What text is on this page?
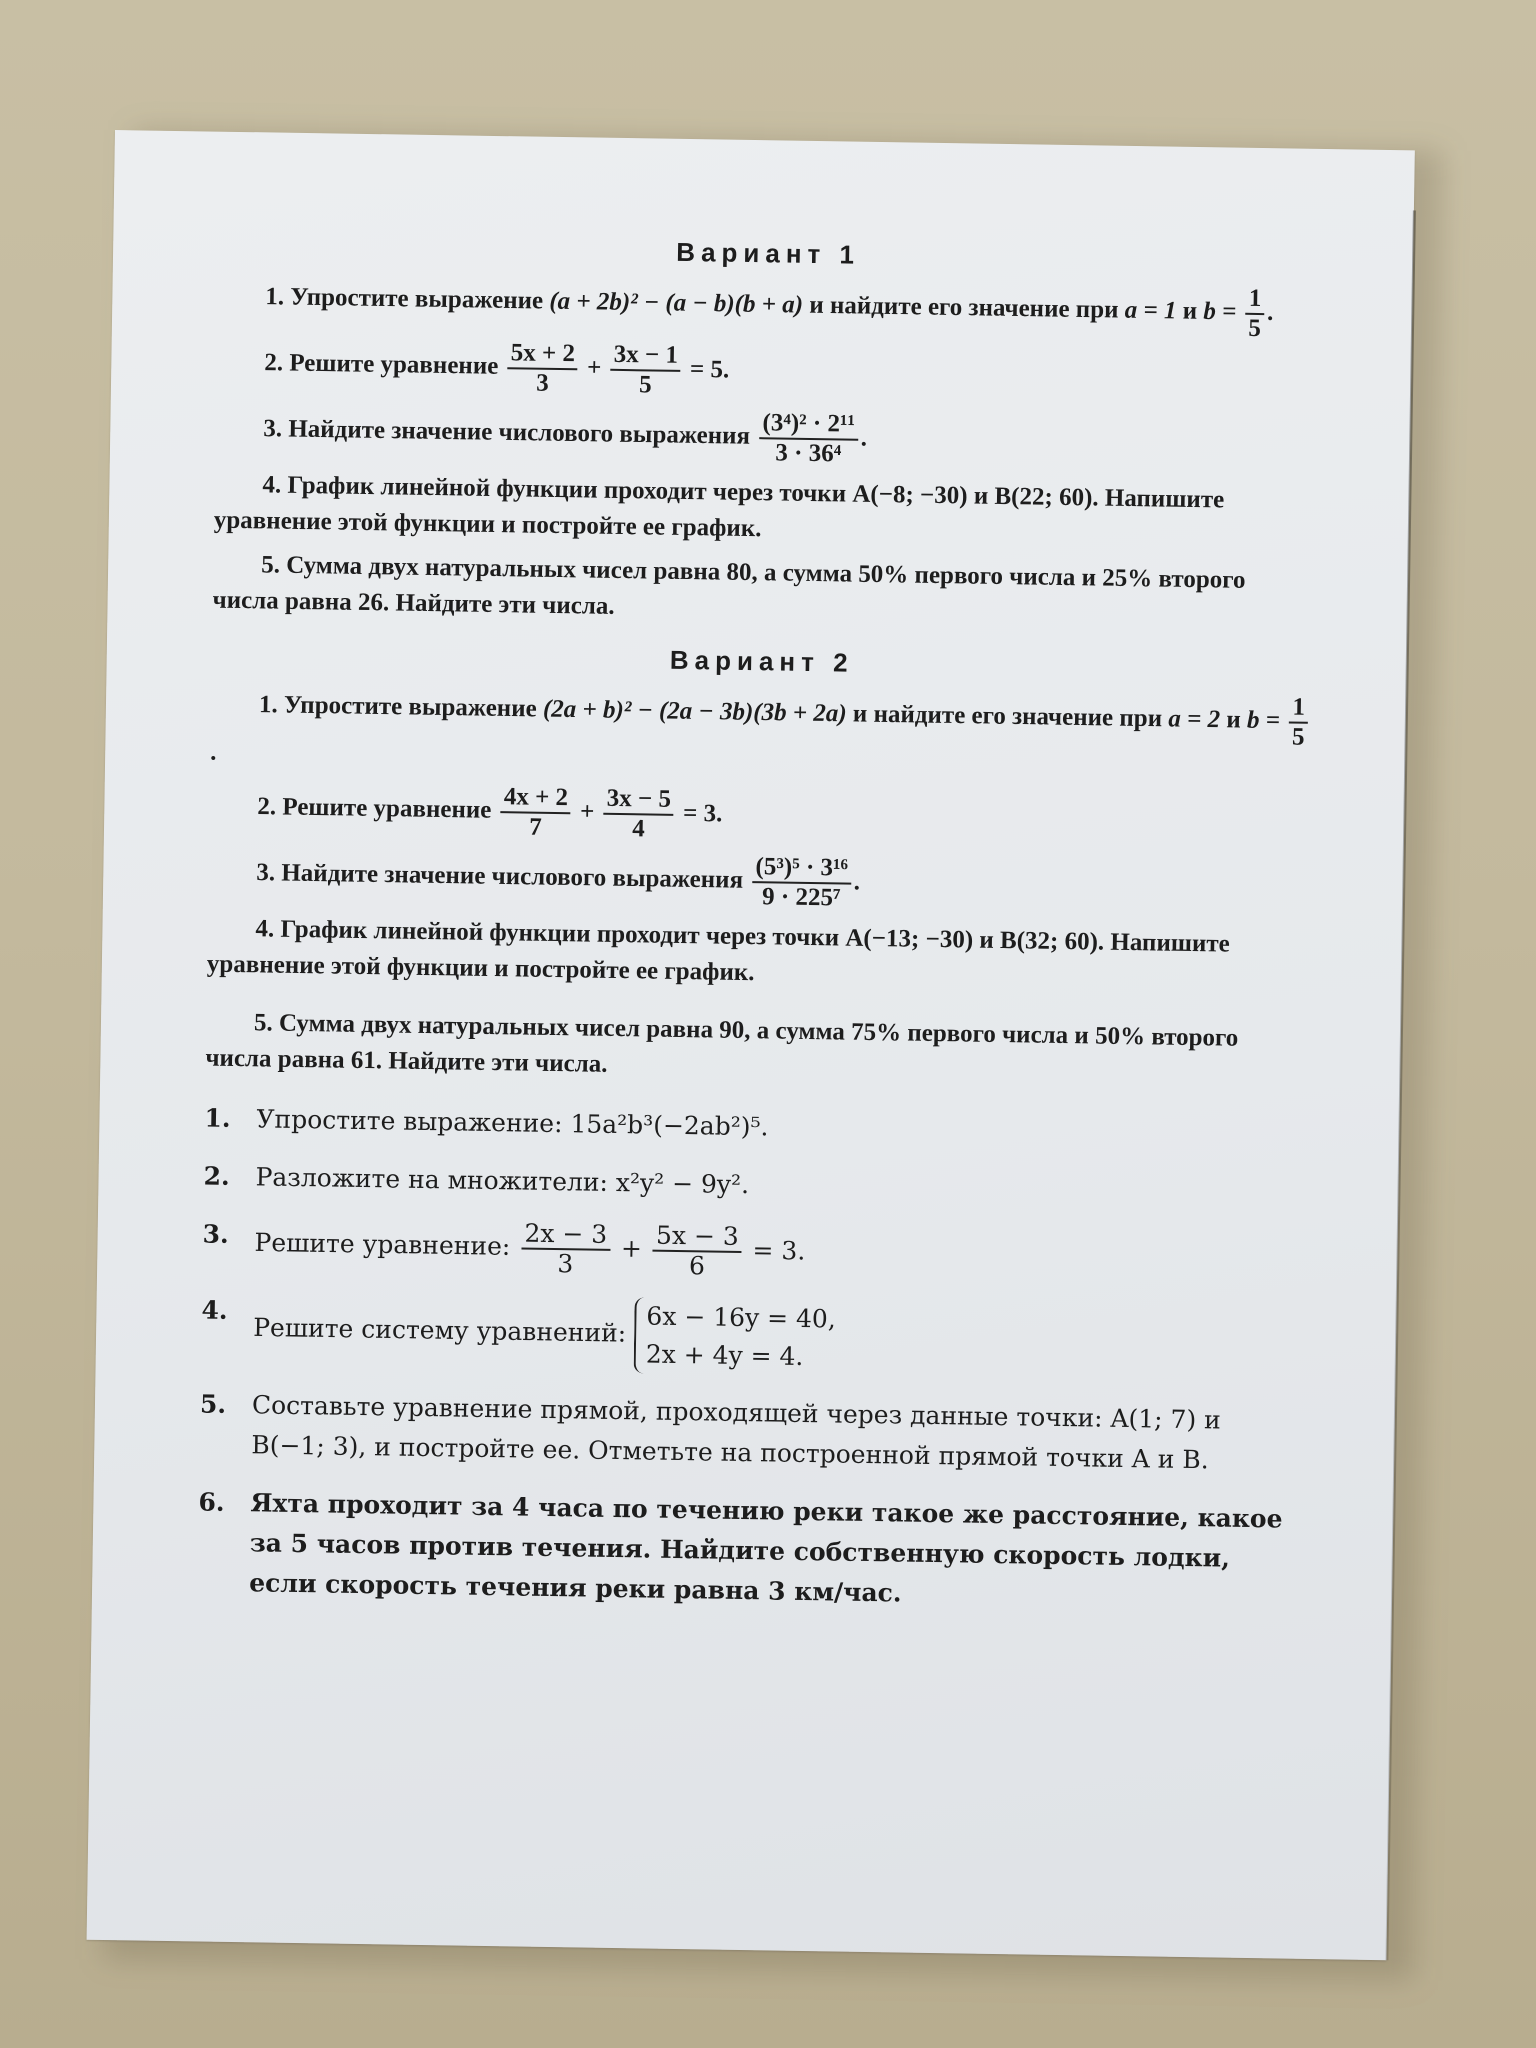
Вариант 1

1. Упростите выражение (a + 2b)² − (a − b)(b + a) и найдите его значение при a = 1 и $b = \frac{1}{5}$ .

2. Решите уравнение $\frac{5x + 2}{3} + \frac{3x - 1}{5} = 5$.

3. Найдите значение числового выражения $\frac{\text{(3⁴)² · 2¹¹}}{\text{3 · 36⁴}}$ .

4. График линейной функции проходит через точки A(−8; −30) и B(22; 60). Напишите уравнение этой функции и постройте ее график.

5. Сумма двух натуральных чисел равна 80, а сумма 50% первого числа и 25% второго числа равна 26. Найдите эти числа.

Вариант 2

1. Упростите выражение (2a + b)² − (2a − 3b)(3b + 2a) и найдите его значение при a = 2 и $b = \frac{1}{5}$
.

2. Решите уравнение $\frac{4x + 2}{7} + \frac{3x - 5}{4} = 3$.

3. Найдите значение числового выражения $\frac{\text{(5³)⁵ · 3¹⁶}}{\text{9 · 225⁷}}$ .

4. График линейной функции проходит через точки A(−13; −30) и B(32; 60). Напишите уравнение этой функции и постройте ее график.

5. Сумма двух натуральных чисел равна 90, а сумма 75% первого числа и 50% второго числа равна 61. Найдите эти числа.

1.	Упростите выражение: 15a²b³(−2ab²)⁵.
2.	Разложите на множители: x²y² − 9y².
3.	Решите уравнение: $\frac{2x - 3}{3} + \frac{5x - 3}{6} = 3$.
4.
Решите систему уравнений: 6x − 16y = 40,
2x + 4y = 4.
5.	Составьте уравнение прямой, проходящей через данные точки: A(1; 7) и B(−1; 3), и постройте ее. Отметьте на построенной прямой точки A и B.
6.	Яхта проходит за 4 часа по течению реки такое же расстояние, какое за 5 часов против течения. Найдите собственную скорость лодки, если скорость течения реки равна 3 км/час.
